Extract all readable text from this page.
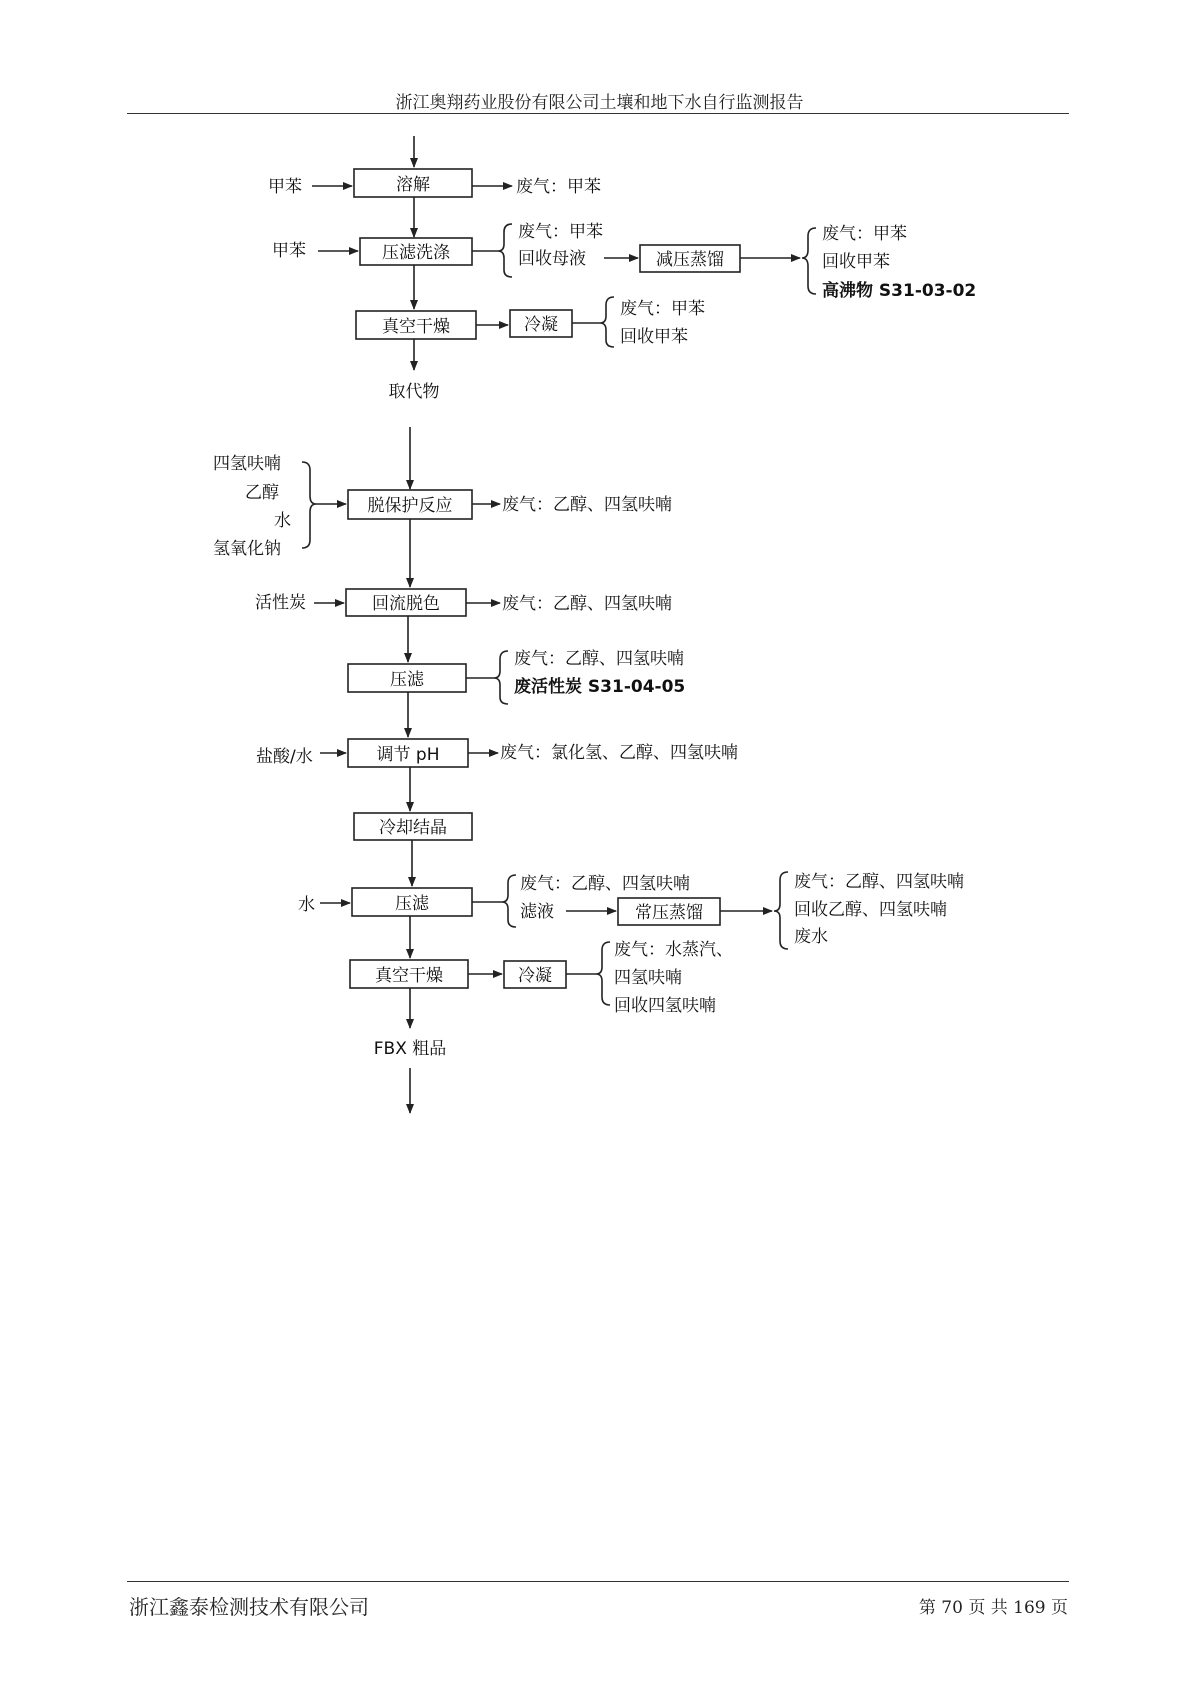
浙江奥翔药业股份有限公司土壤和地下水自行监测报告
甲苯	溶解	废气：甲苯
甲苯	压滤洗涤
废气：甲苯
回收母液	减压蒸馏
废气：甲苯
回收甲苯
高沸物 S31-03-02
真空干燥	冷凝
废气：甲苯
回收甲苯
取代物
四氢呋喃
乙醇
水
氢氧化钠
脱保护反应	废气：乙醇、四氢呋喃
活性炭	回流脱色	废气：乙醇、四氢呋喃
压滤
废气：乙醇、四氢呋喃
废活性炭 S31-04-05
盐酸/水	调节 pH	废气：氯化氢、乙醇、四氢呋喃
冷却结晶
水	压滤
废气：乙醇、四氢呋喃
滤液	常压蒸馏
废气：乙醇、四氢呋喃
回收乙醇、四氢呋喃
废水
真空干燥	冷凝
废气：水蒸汽、
四氢呋喃
回收四氢呋喃
FBX 粗品
浙江鑫泰检测技术有限公司	第 70 页 共 169 页
